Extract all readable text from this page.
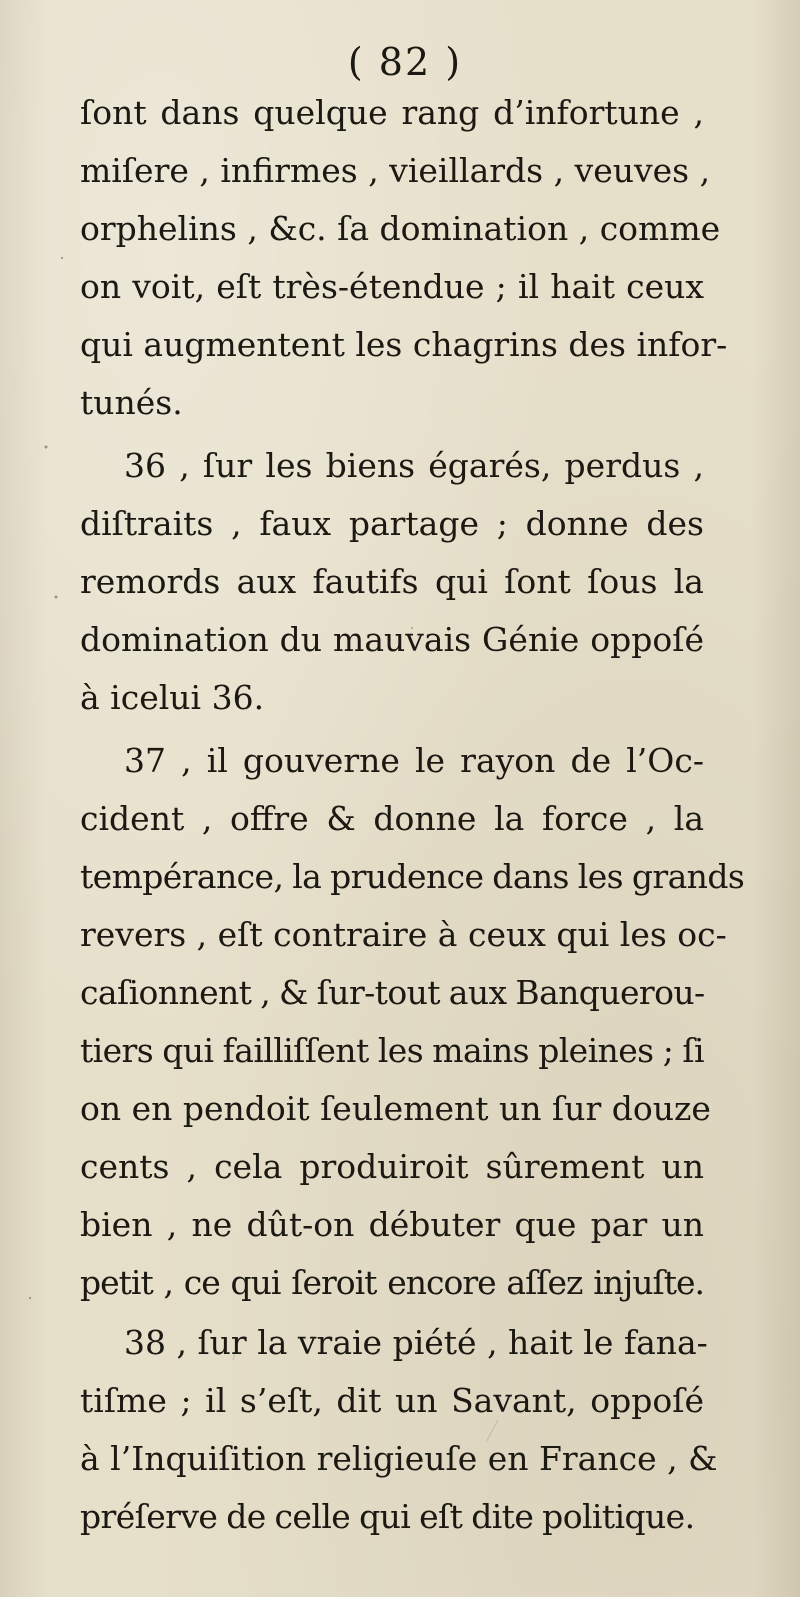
( 82 )
ſont dans quelque rang d’infortune ,
miſere , infirmes , vieillards , veuves ,
orphelins , &c. ſa domination , comme
on voit, eſt très-étendue ; il hait ceux
qui augmentent les chagrins des infor-
tunés.
36 , ſur les biens égarés, perdus ,
diſtraits , faux partage ; donne des
remords aux fautifs qui ſont ſous la
domination du mauvais Génie oppoſé
à icelui 36.
37 , il gouverne le rayon de l’Oc-
cident , offre & donne la force , la
tempérance, la prudence dans les grands
revers , eſt contraire à ceux qui les oc-
caſionnent , & ſur-tout aux Banquerou-
tiers qui failliſſent les mains pleines ; ſi
on en pendoit ſeulement un ſur douze
cents , cela produiroit sûrement un
bien , ne dût-on débuter que par un
petit , ce qui ſeroit encore aſſez injuſte.
38 , ſur la vraie piété , hait le fana-
tiſme ; il s’eſt, dit un Savant, oppoſé
à l’Inquiſition religieuſe en France , &
préſerve de celle qui eſt dite politique.
